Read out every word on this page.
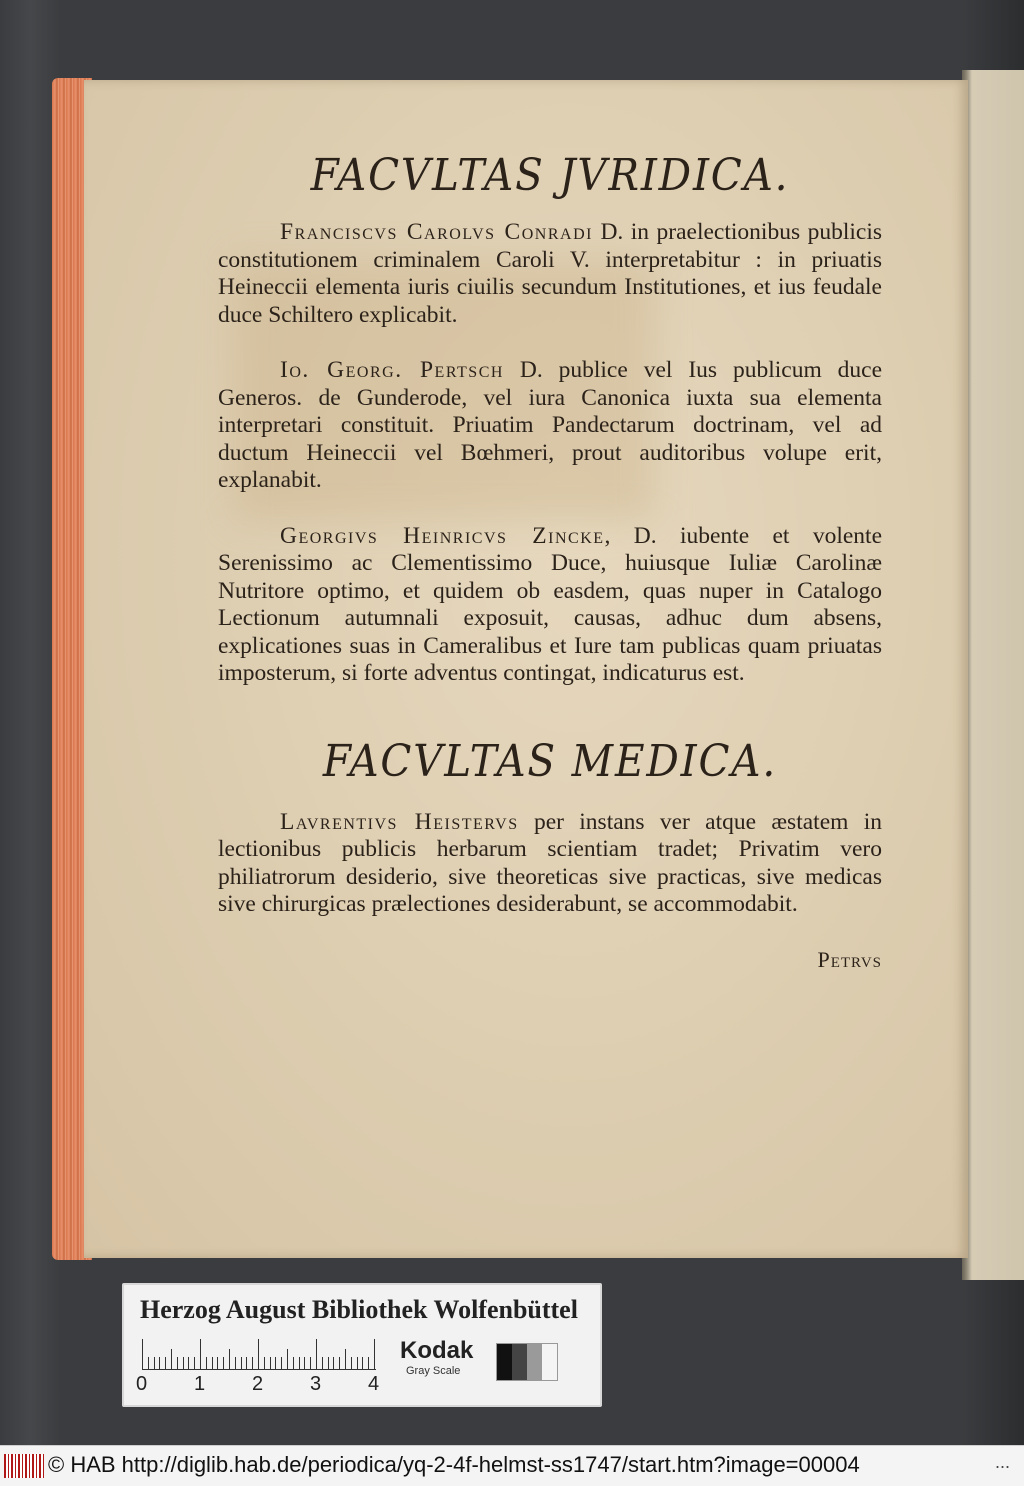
FACVLTAS JVRIDICA.

Franciscvs Carolvs Conradi D. in praelectionibus publicis constitutionem criminalem Caroli V. interpretabitur : in priuatis Heineccii elementa iuris ciuilis secundum Institutiones, et ius feudale duce Schiltero explicabit.

Io. Georg. Pertsch D. publice vel Ius publicum duce Generos. de Gunderode, vel iura Canonica iuxta sua elementa interpretari constituit. Priuatim Pandectarum doctrinam, vel ad ductum Heineccii vel Bœhmeri, prout auditoribus volupe erit, explanabit.

Georgivs Heinricvs Zincke, D. iubente et volente Serenissimo ac Clementissimo Duce, huiusque Iuliæ Carolinæ Nutritore optimo, et quidem ob easdem, quas nuper in Catalogo Lectionum autumnali exposuit, causas, adhuc dum absens, explicationes suas in Cameralibus et Iure tam publicas quam priuatas imposterum, si forte adventus contingat, indicaturus est.

FACVLTAS MEDICA.

Lavrentivs Heistervs per instans ver atque æstatem in lectionibus publicis herbarum scientiam tradet; Privatim vero philiatrorum desiderio, sive theoreticas sive practicas, sive medicas sive chirurgicas prælectiones desiderabunt, se accommodabit.

Petrvs
Herzog August Bibliothek Wolfenbüttel
0 1 2 3 4
Kodak
Gray Scale
© HAB http://diglib.hab.de/periodica/yq-2-4f-helmst-ss1747/start.htm?image=00004	...
